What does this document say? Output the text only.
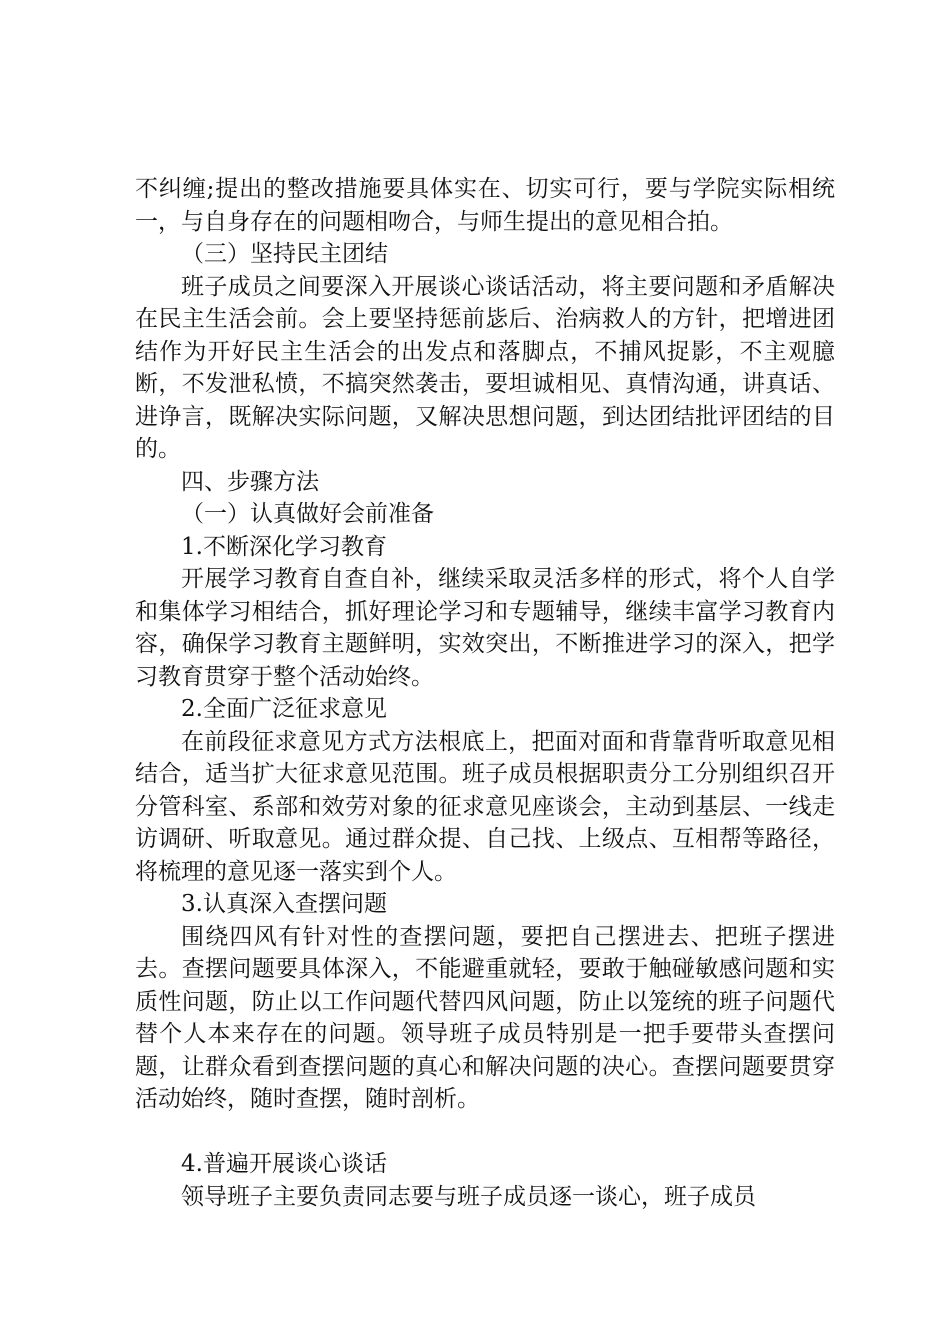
不纠缠;提出的整改措施要具体实在、切实可行，要与学院实际相统一，与自身存在的问题相吻合，与师生提出的意见相合拍。

（三）坚持民主团结

班子成员之间要深入开展谈心谈话活动，将主要问题和矛盾解决在民主生活会前。会上要坚持惩前毖后、治病救人的方针，把增进团结作为开好民主生活会的出发点和落脚点，不捕风捉影，不主观臆断，不发泄私愤，不搞突然袭击，要坦诚相见、真情沟通，讲真话、进诤言，既解决实际问题，又解决思想问题，到达团结批评团结的目的。

四、步骤方法

（一）认真做好会前准备

1.不断深化学习教育

开展学习教育自查自补，继续采取灵活多样的形式，将个人自学和集体学习相结合，抓好理论学习和专题辅导，继续丰富学习教育内容，确保学习教育主题鲜明，实效突出，不断推进学习的深入，把学习教育贯穿于整个活动始终。

2.全面广泛征求意见

在前段征求意见方式方法根底上，把面对面和背靠背听取意见相结合，适当扩大征求意见范围。班子成员根据职责分工分别组织召开分管科室、系部和效劳对象的征求意见座谈会，主动到基层、一线走访调研、听取意见。通过群众提、自己找、上级点、互相帮等路径，将梳理的意见逐一落实到个人。

3.认真深入查摆问题

围绕四风有针对性的查摆问题，要把自己摆进去、把班子摆进去。查摆问题要具体深入，不能避重就轻，要敢于触碰敏感问题和实质性问题，防止以工作问题代替四风问题，防止以笼统的班子问题代替个人本来存在的问题。领导班子成员特别是一把手要带头查摆问题，让群众看到查摆问题的真心和解决问题的决心。查摆问题要贯穿活动始终，随时查摆，随时剖析。

4.普遍开展谈心谈话

领导班子主要负责同志要与班子成员逐一谈心，班子成员
